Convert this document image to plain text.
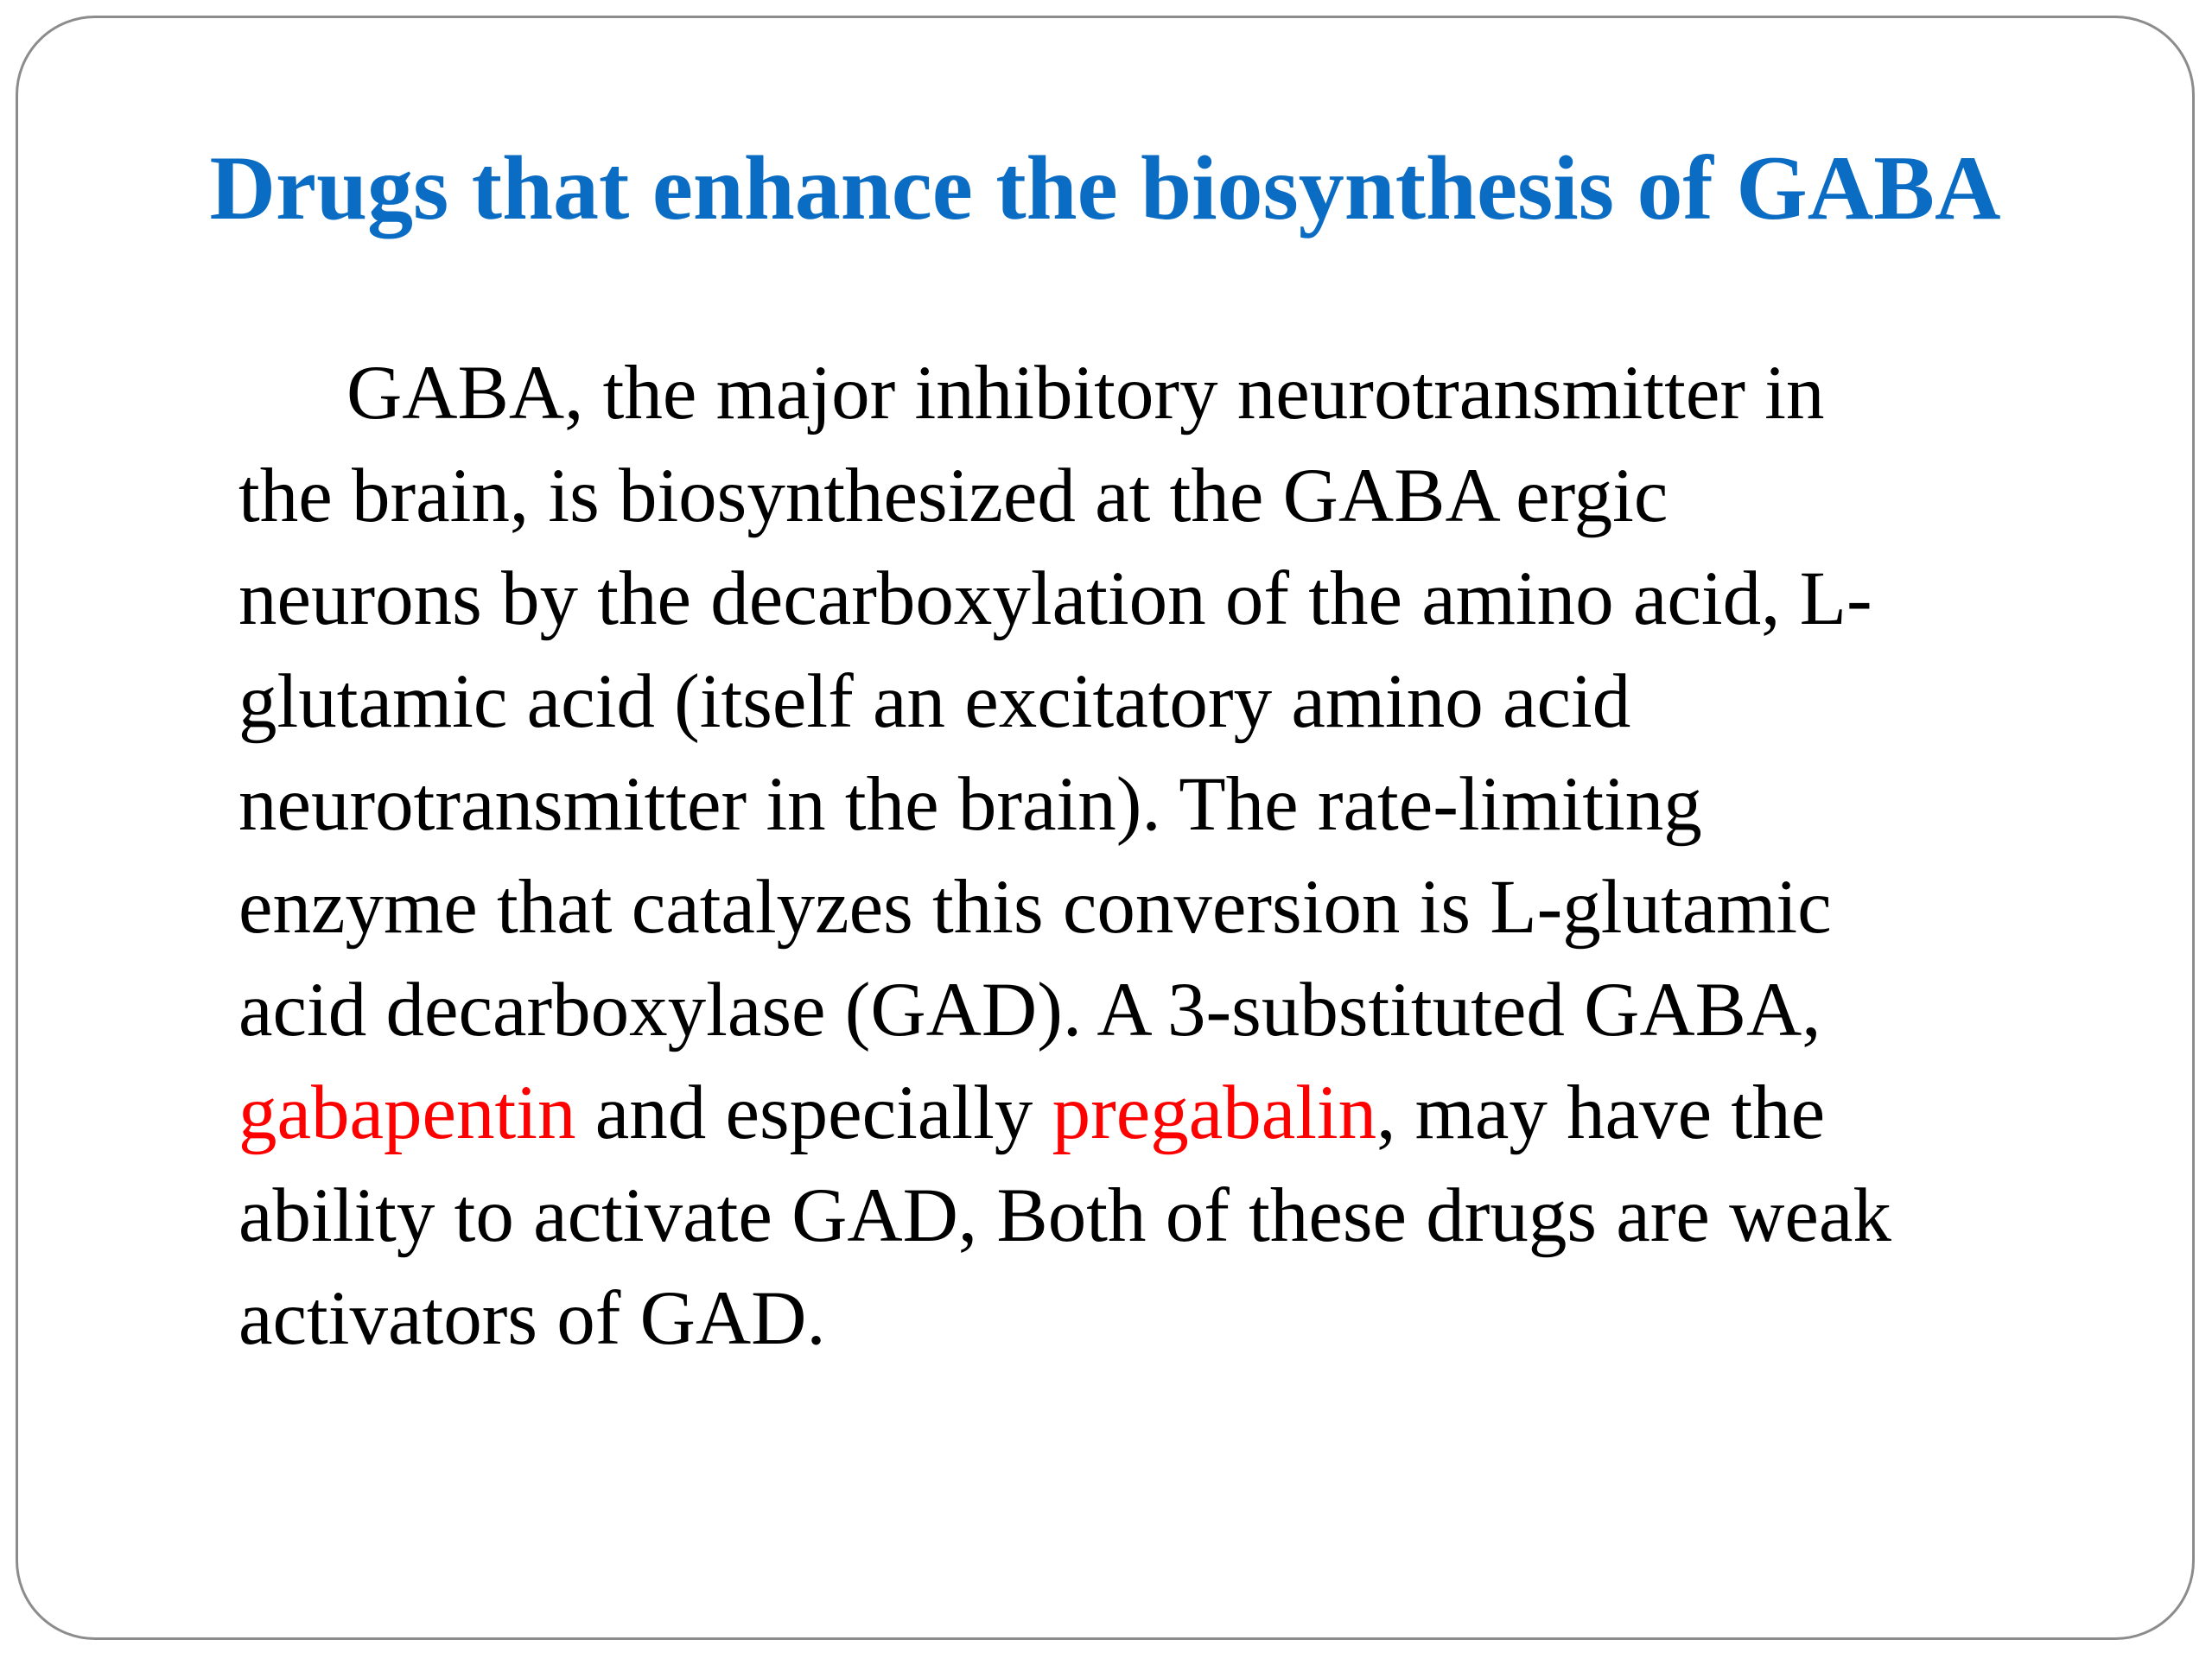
Drugs that enhance the biosynthesis of GABA
GABA, the major inhibitory neurotransmitter in
the brain, is biosynthesized at the GABA ergic
neurons by the decarboxylation of the amino acid, L-
glutamic acid (itself an excitatory amino acid
neurotransmitter in the brain). The rate-limiting
enzyme that catalyzes this conversion is L-glutamic
acid decarboxylase (GAD). A 3-substituted GABA,
gabapentin and especially pregabalin, may have the
ability to activate GAD, Both of these drugs are weak
activators of GAD.
